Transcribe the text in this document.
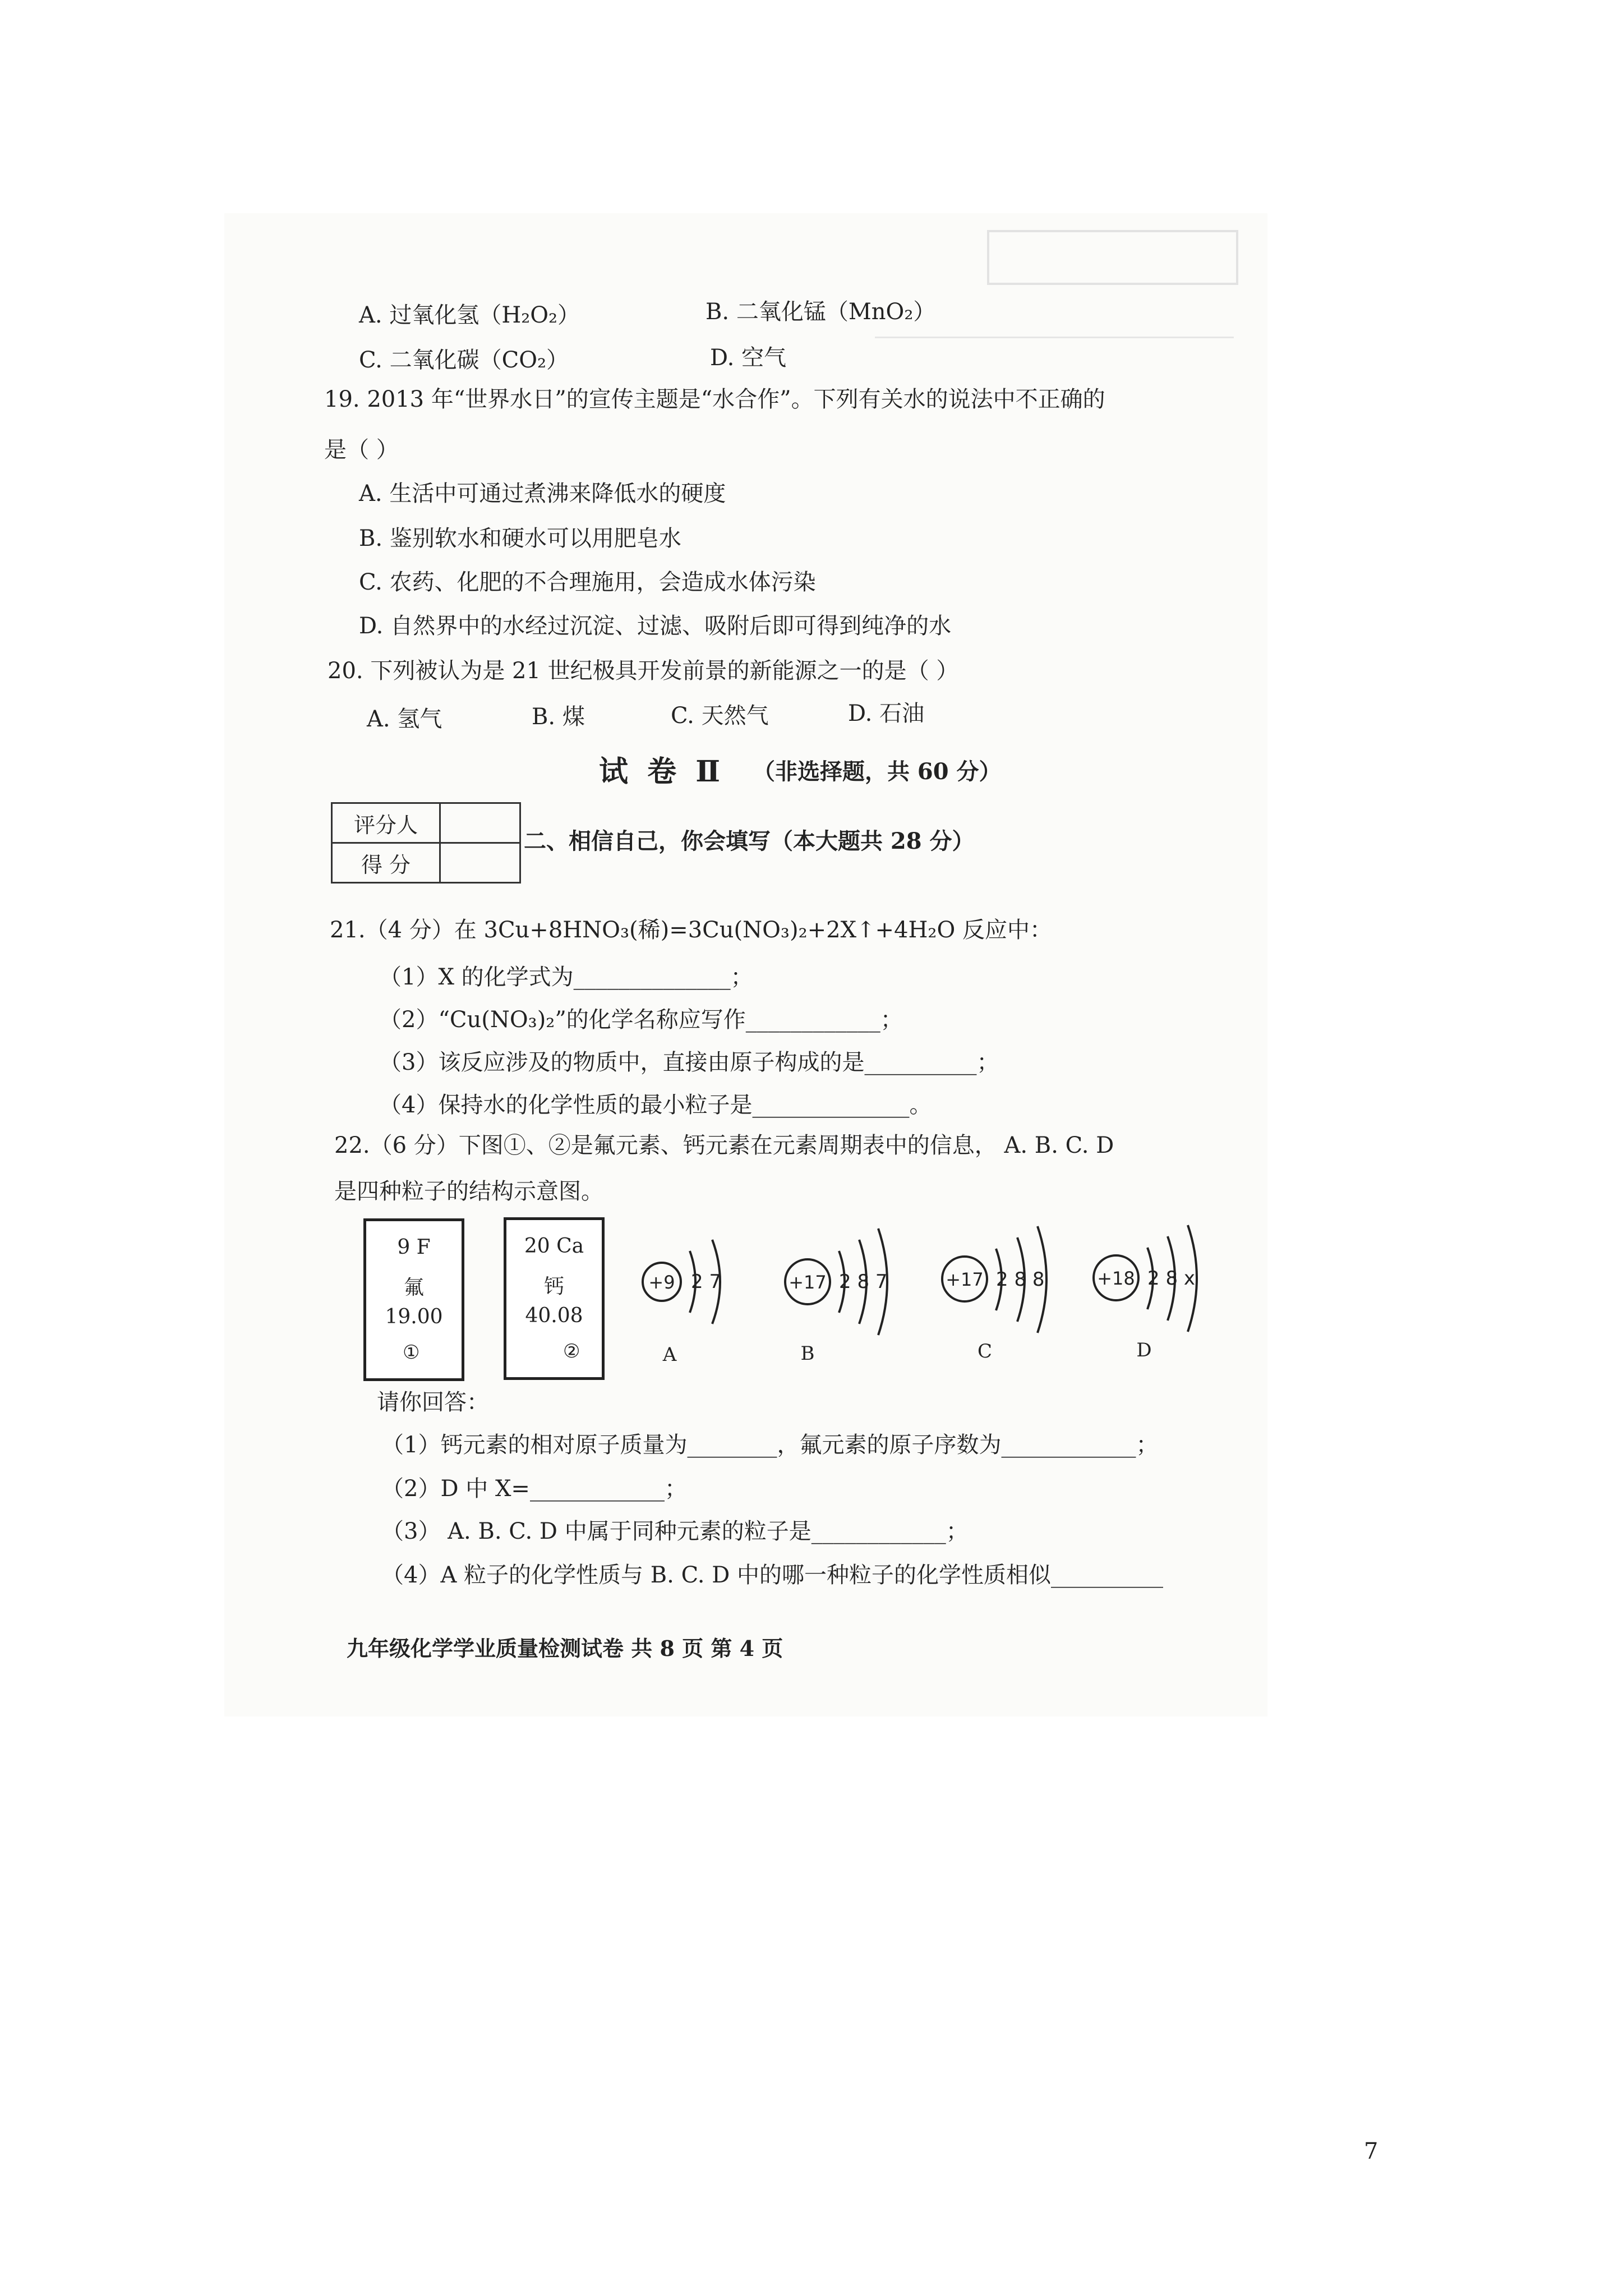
A. 过氧化氢（H₂O₂）	B. 二氧化锰（MnO₂）
C. 二氧化碳（CO₂）	D. 空气
19. 2013 年“世界水日”的宣传主题是“水合作”。下列有关水的说法中不正确的
是（ ）
A. 生活中可通过煮沸来降低水的硬度
B. 鉴别软水和硬水可以用肥皂水
C. 农药、化肥的不合理施用，会造成水体污染
D. 自然界中的水经过沉淀、过滤、吸附后即可得到纯净的水
20. 下列被认为是 21 世纪极具开发前景的新能源之一的是（ ）
A. 氢气	B. 煤	C. 天然气	D. 石油
试 卷 Ⅱ （非选择题，共 60 分）
评分人	
得 分	
二、相信自己，你会填写（本大题共 28 分）
21.（4 分）在 3Cu+8HNO₃(稀)=3Cu(NO₃)₂+2X↑+4H₂O 反应中：
（1）X 的化学式为______________；
（2）“Cu(NO₃)₂”的化学名称应写作____________；
（3）该反应涉及的物质中，直接由原子构成的是__________；
（4）保持水的化学性质的最小粒子是______________。
22.（6 分）下图①、②是氟元素、钙元素在元素周期表中的信息， A. B. C. D
是四种粒子的结构示意图。
9 F
氟
19.00
①
20 Ca
钙
40.08
②
+9	+17	+17	+18
2 7	2 8 7	2 8 8	2 8 x
A	B	C	D
请你回答：
（1）钙元素的相对原子质量为________，氟元素的原子序数为____________；
（2）D 中 X=____________；
（3） A. B. C. D 中属于同种元素的粒子是____________；
（4）A 粒子的化学性质与 B. C. D 中的哪一种粒子的化学性质相似__________
九年级化学学业质量检测试卷 共 8 页 第 4 页
7
